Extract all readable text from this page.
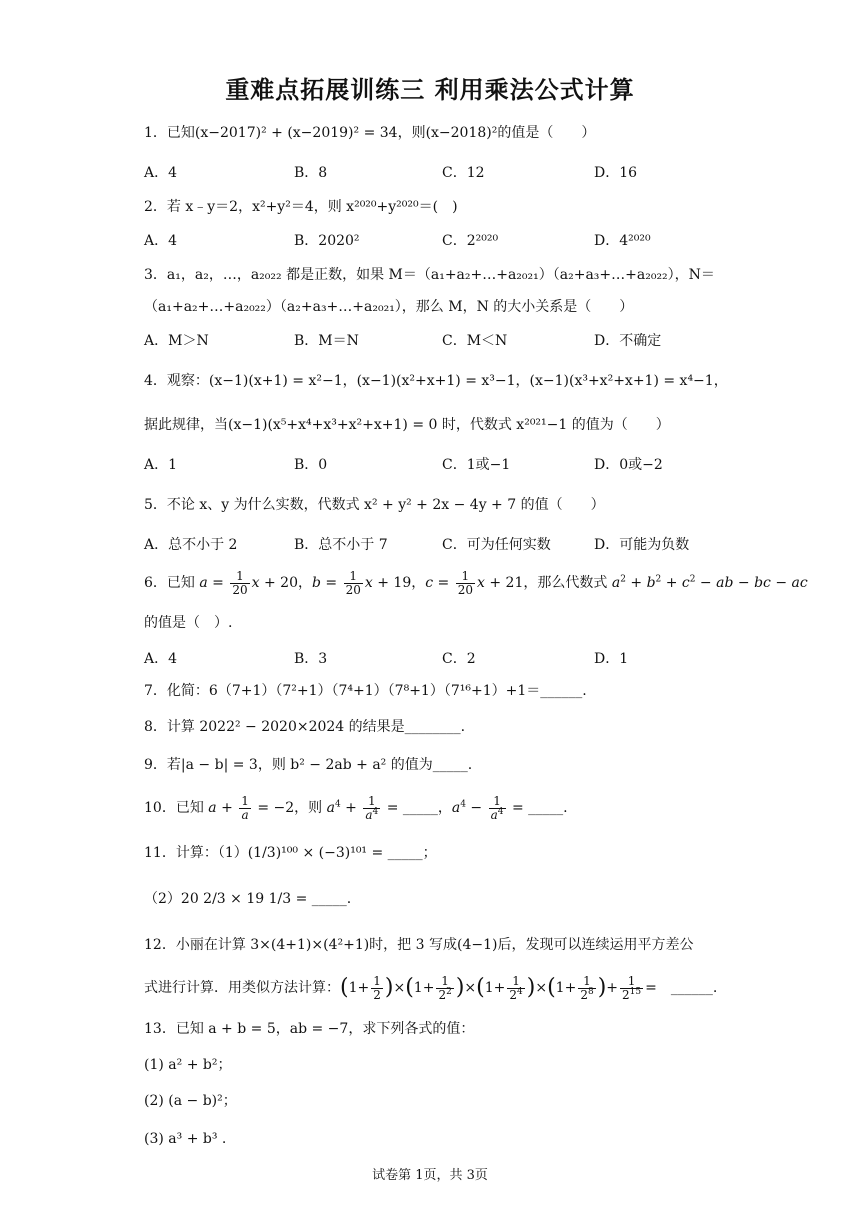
重难点拓展训练三 利用乘法公式计算
1．已知(x−2017)² + (x−2019)² = 34，则(x−2018)²的值是（　　）
A．4	B．8	C．12	D．16
2．若 x﹣y＝2，x²+y²＝4，则 x²⁰²⁰+y²⁰²⁰＝(　)
A．4	B．2020²	C．2²⁰²⁰	D．4²⁰²⁰
3．a₁，a₂，…，a₂₀₂₂ 都是正数，如果 M＝（a₁+a₂+…+a₂₀₂₁）（a₂+a₃+…+a₂₀₂₂），N＝
（a₁+a₂+…+a₂₀₂₂）（a₂+a₃+…+a₂₀₂₁），那么 M，N 的大小关系是（　　）
A．M＞N	B．M＝N	C．M＜N	D．不确定
4．观察：(x−1)(x+1) = x²−1，(x−1)(x²+x+1) = x³−1，(x−1)(x³+x²+x+1) = x⁴−1，
据此规律，当(x−1)(x⁵+x⁴+x³+x²+x+1) = 0 时，代数式 x²⁰²¹−1 的值为（　　）
A．1	B．0	C．1或−1	D．0或−2
5．不论 x、y 为什么实数，代数式 x² + y² + 2x − 4y + 7 的值（　　）
A．总不小于 2	B．总不小于 7	C．可为任何实数	D．可能为负数
6．已知 $a = \frac{1}{20}$ x + 20，$b = \frac{1}{20}$ x + 19，$c = \frac{1}{20}$ x + 21，那么代数式 $a^2 + b^2 + c^2$ − ab − bc − ac
的值是（　）.
A．4	B．3	C．2	D．1
7．化简：6（7+1）（7²+1）（7⁴+1）（7⁸+1）（7¹⁶+1）+1＝______.
8．计算 2022² − 2020×2024 的结果是________.
9．若|a − b| = 3，则 b² − 2ab + a² 的值为_____.
10．已知 $a + \frac{1}{a} = -2$，则 $a^4 + \frac{1}{a^4}$ = _____，$a^4 - \frac{1}{a^4}$ = _____.
11．计算：（1）(1/3)¹⁰⁰ × (−3)¹⁰¹ = _____；
（2）20 2/3 × 19 1/3 = _____.
12．小丽在计算 3×(4+1)×(4²+1)时，把 3 写成(4−1)后，发现可以连续运用平方差公
式进行计算．用类似方法计算：$(1+ \frac{1}{2} )\times(1+ \frac{1}{2^2} )\times(1+ \frac{1}{2^4} )\times(1+ \frac{1}{2^8}$ )+ $\frac{1}{2^{15}}$ =　______.
13．已知 a + b = 5，ab = −7，求下列各式的值：
(1) a² + b²；
(2) (a − b)²；
(3) a³ + b³ .
试卷第 1页，共 3页
